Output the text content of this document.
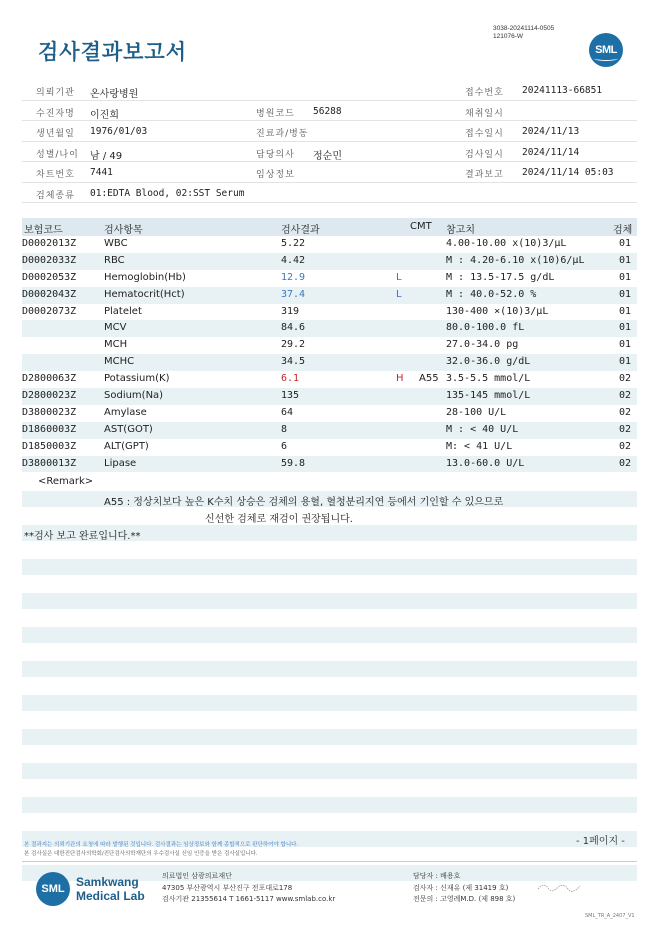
검사결과보고서
3038-20241114-0505
121076-W
SML
의뢰기관 온사랑병원	접수번호 20241113-66851
수진자명 이진희	병원코드 56288	채취일시
생년월일 1976/01/03	진료과/병동	접수일시 2024/11/13
성별/나이 남 / 49	담당의사 정순민	검사일시 2024/11/14
차트번호 7441	임상정보	결과보고 2024/11/14 05:03
검체종류 01:EDTA Blood, 02:SST Serum
보험코드	검사항목	검사결과	CMT 참고치	검체
D0002013Z	WBC	5.22	4.00-10.00 x(10)3/μL	01
D0002033Z	RBC	4.42	M : 4.20-6.10 x(10)6/μL	01
D0002053Z	Hemoglobin(Hb)	12.9	L	M : 13.5-17.5 g/dL	01
D0002043Z	Hematocrit(Hct)	37.4	L	M : 40.0-52.0 %	01
D0002073Z	Platelet	319	130-400 ×(10)3/μL	01
MCV	84.6	80.0-100.0 fL	01
MCH	29.2	27.0-34.0 pg	01
MCHC	34.5	32.0-36.0 g/dL	01
D2800063Z	Potassium(K)	6.1	H A55 3.5-5.5 mmol/L	02
D2800023Z	Sodium(Na)	135	135-145 mmol/L	02
D3800023Z	Amylase	64	28-100 U/L	02
D1860003Z	AST(GOT)	8	M : < 40 U/L	02
D1850003Z	ALT(GPT)	6	M: < 41 U/L	02
D3800013Z	Lipase	59.8	13.0-60.0 U/L	02
<Remark>
A55 : 정상치보다 높은 K수치 상승은 검체의 용혈, 혈청분리지연 등에서 기인할 수 있으므로
신선한 검체로 재검이 권장됩니다.
**검사 보고 완료입니다.**
본 결과지는 의뢰기관의 요청에 따라 발행된 것입니다. 검사결과는 임상정보와 함께 종합적으로 판단하여야 합니다.
본 검사실은 대한진단검사의학회/진단검사의학재단의 우수검사실 신임 인증을 받은 검사실입니다.
- 1페이지 -
SML Samkwang
Medical Lab
의료법인 삼광의료재단
47305 부산광역시 부산진구 전포대로178
검사기관 21355614 T 1661-5117 www.smlab.co.kr
담당자 : 배용호
검사자 : 신재유 (제 31419 호)
전문의 : 고영례M.D. (제 898 호)
SML_TR_A_2407_V1
